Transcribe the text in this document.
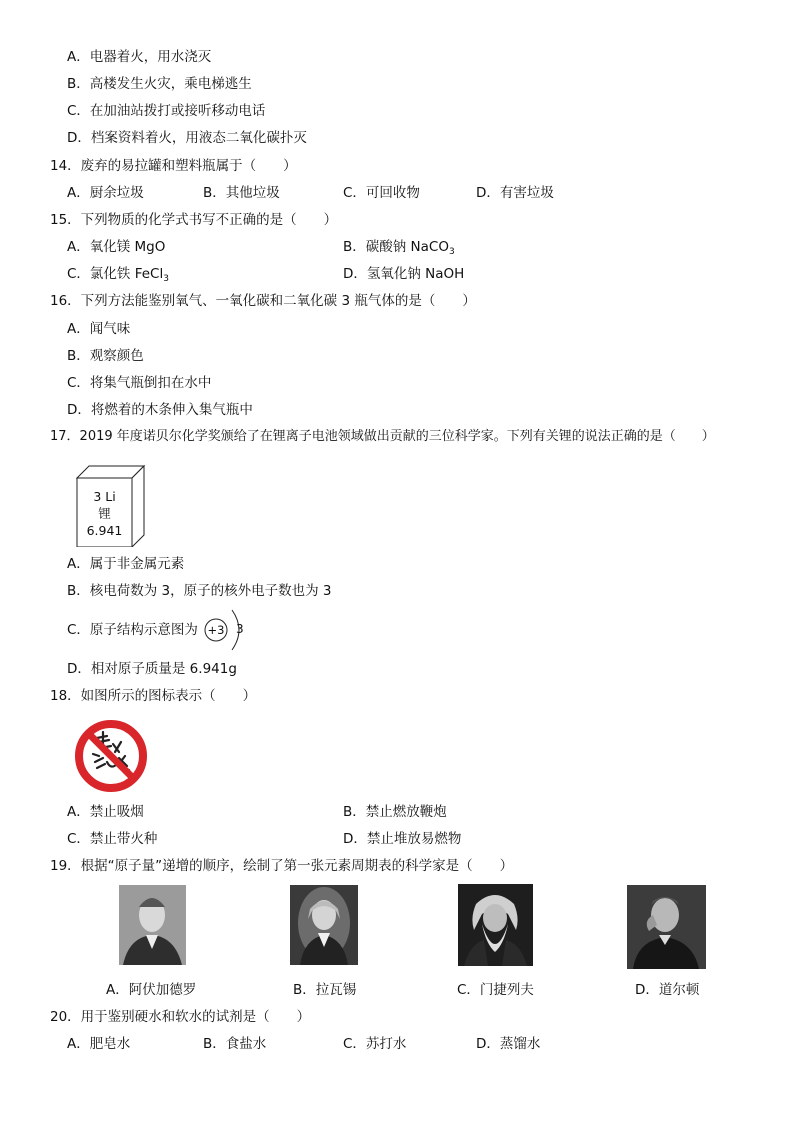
A．电器着火，用水浇灭
B．高楼发生火灾，乘电梯逃生
C．在加油站拨打或接听移动电话
D．档案资料着火，用液态二氧化碳扑灭
14．废弃的易拉罐和塑料瓶属于（　　）
A．厨余垃圾	B．其他垃圾	C．可回收物	D．有害垃圾
15．下列物质的化学式书写不正确的是（　　）
A．氧化镁 MgO	B．碳酸钠 NaCO$_3$
C．氯化铁 FeCl$_3$	D．氢氧化钠 NaOH
16．下列方法能鉴别氧气、一氧化碳和二氧化碳 3 瓶气体的是（　　）
A．闻气味
B．观察颜色
C．将集气瓶倒扣在水中
D．将燃着的木条伸入集气瓶中
17．2019 年度诺贝尔化学奖颁给了在锂离子电池领域做出贡献的三位科学家。下列有关锂的说法正确的是（　　）
3 Li
锂
6.941
A．属于非金属元素
B．核电荷数为 3，原子的核外电子数也为 3
C．原子结构示意图为 +3 3
D．相对原子质量是 6.941g
18．如图所示的图标表示（　　）
A．禁止吸烟	B．禁止燃放鞭炮
C．禁止带火种	D．禁止堆放易燃物
19．根据“原子量”递增的顺序，绘制了第一张元素周期表的科学家是（　　）
A．阿伏加德罗	B．拉瓦锡	C．门捷列夫	D．道尔顿
20．用于鉴别硬水和软水的试剂是（　　）
A．肥皂水	B．食盐水	C．苏打水	D．蒸馏水
